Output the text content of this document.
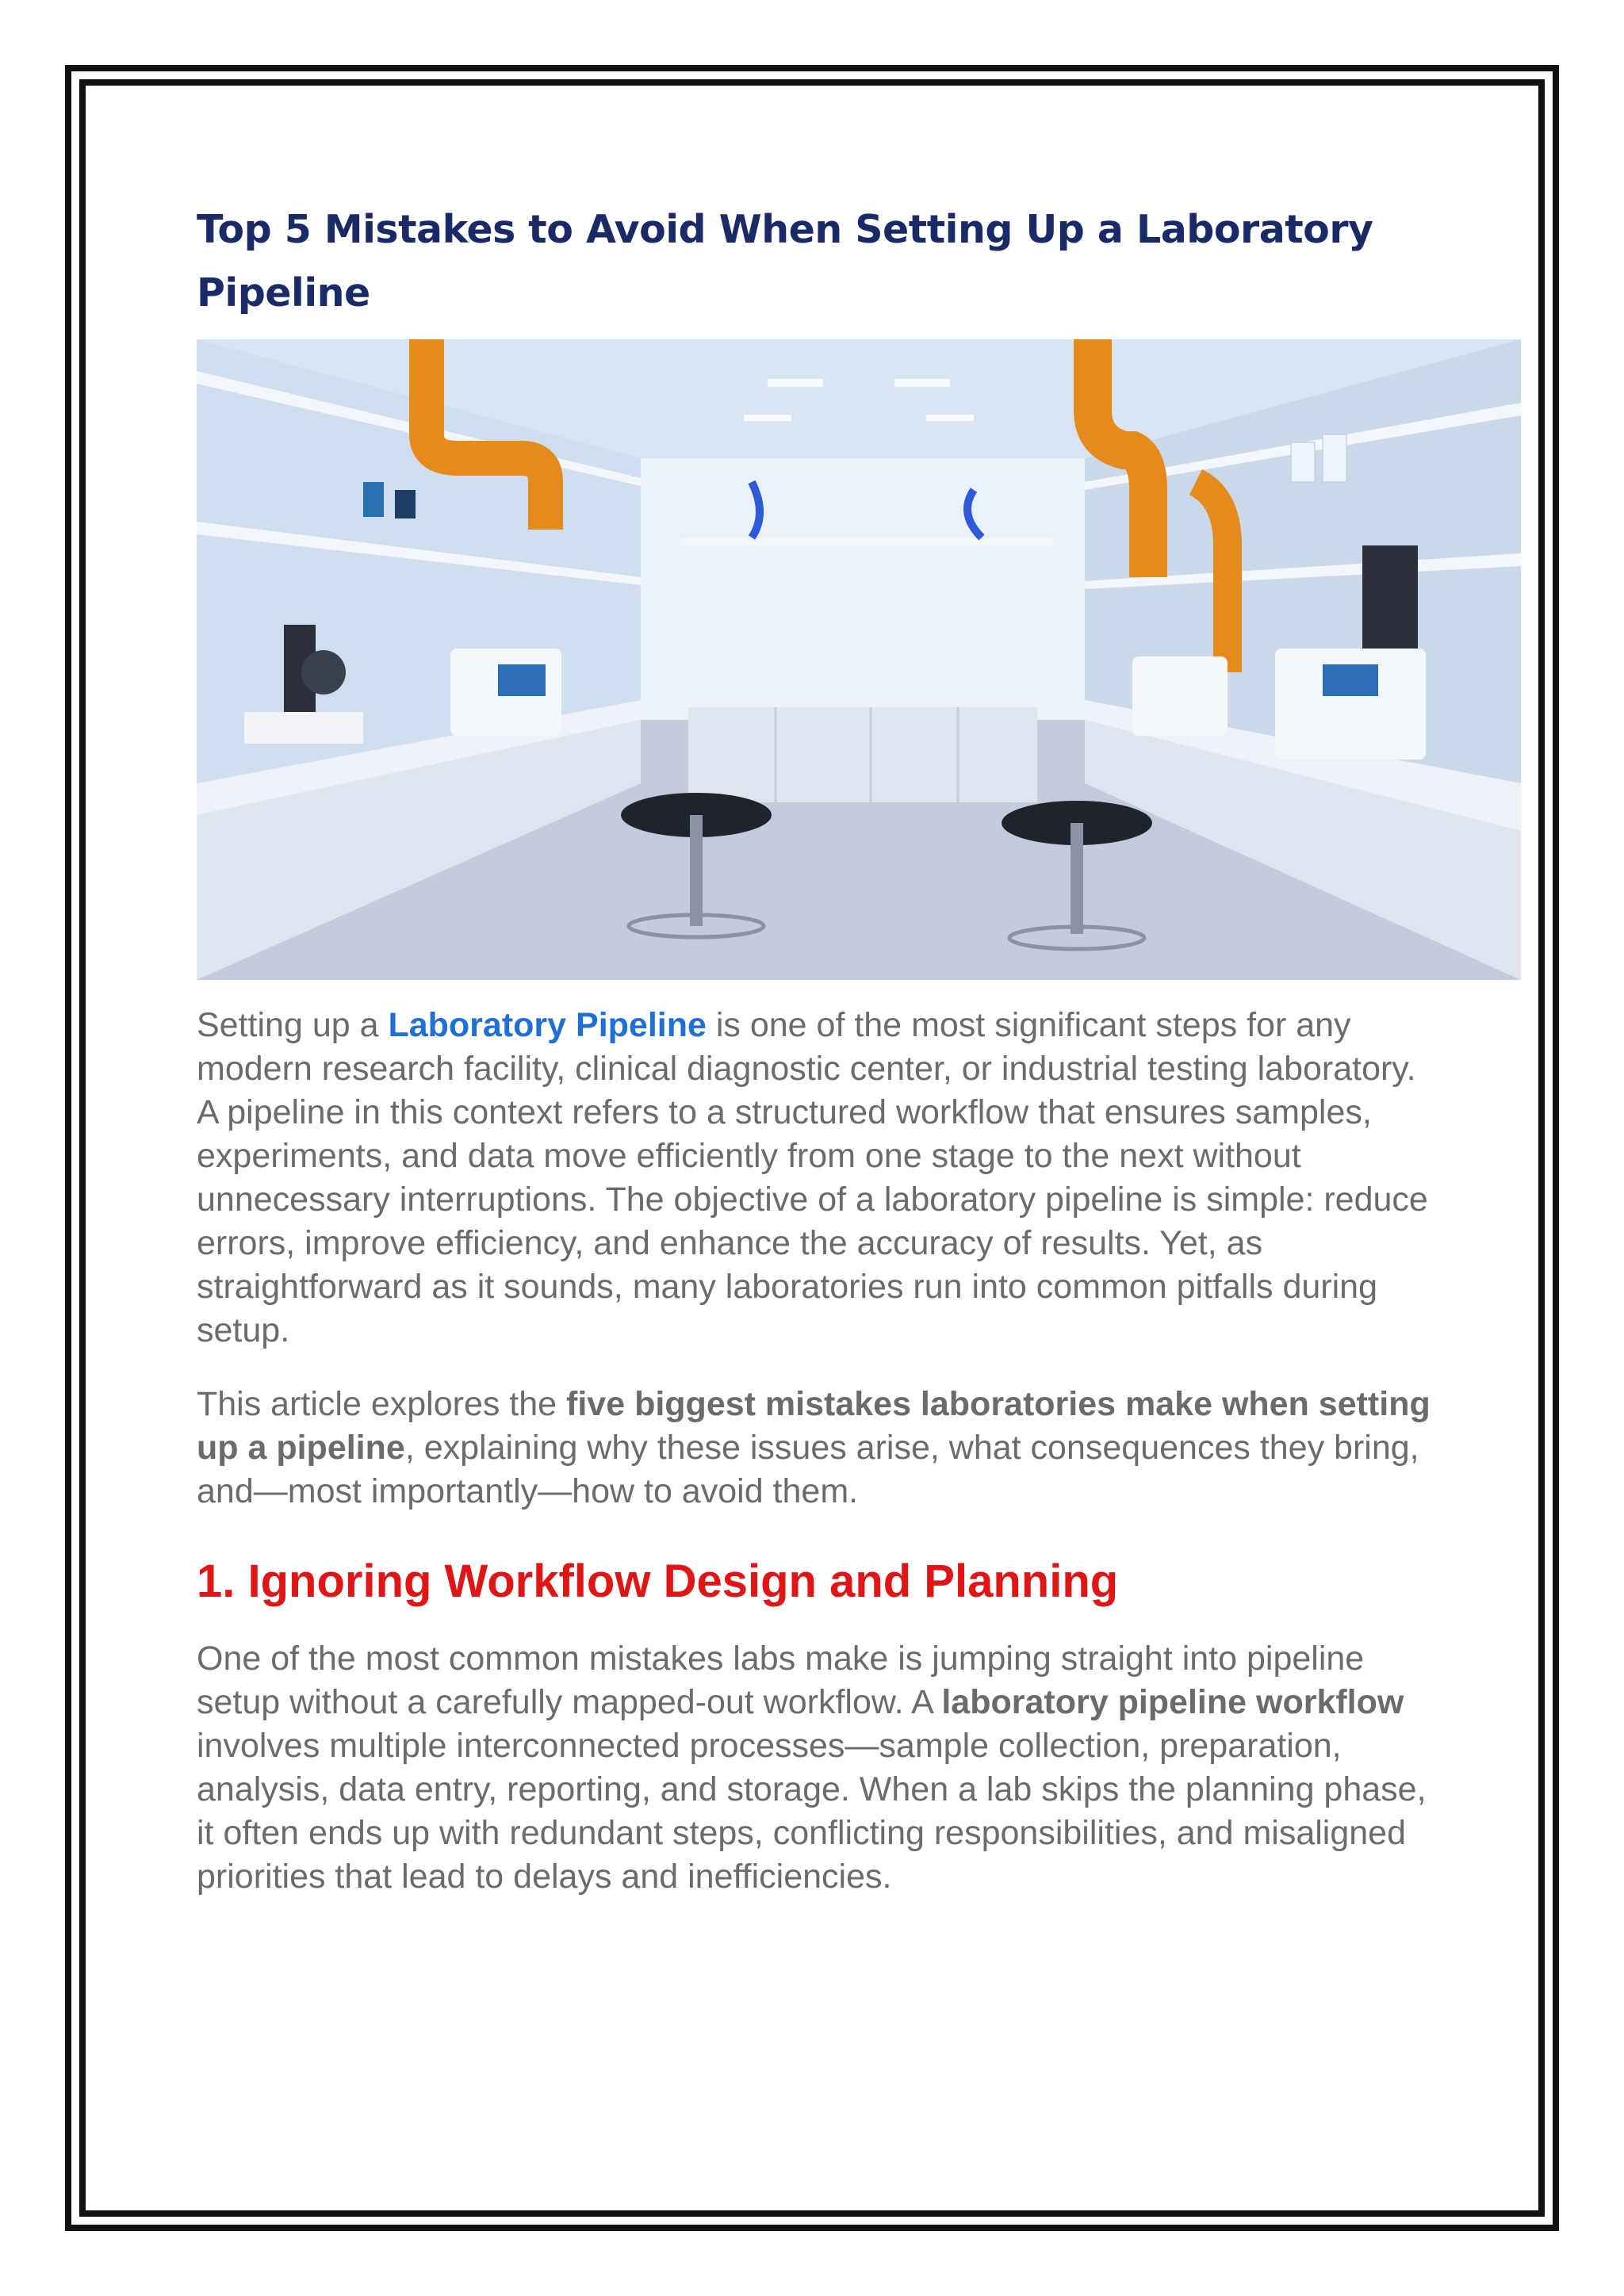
Top 5 Mistakes to Avoid When Setting Up a Laboratory Pipeline

Setting up a Laboratory Pipeline is one of the most significant steps for any modern research facility, clinical diagnostic center, or industrial testing laboratory. A pipeline in this context refers to a structured workflow that ensures samples, experiments, and data move efficiently from one stage to the next without unnecessary interruptions. The objective of a laboratory pipeline is simple: reduce errors, improve efficiency, and enhance the accuracy of results. Yet, as straightforward as it sounds, many laboratories run into common pitfalls during setup.

This article explores the five biggest mistakes laboratories make when setting up a pipeline, explaining why these issues arise, what consequences they bring, and—most importantly—how to avoid them.

1. Ignoring Workflow Design and Planning

One of the most common mistakes labs make is jumping straight into pipeline setup without a carefully mapped-out workflow. A laboratory pipeline workflow involves multiple interconnected processes—sample collection, preparation, analysis, data entry, reporting, and storage. When a lab skips the planning phase, it often ends up with redundant steps, conflicting responsibilities, and misaligned priorities that lead to delays and inefficiencies.
